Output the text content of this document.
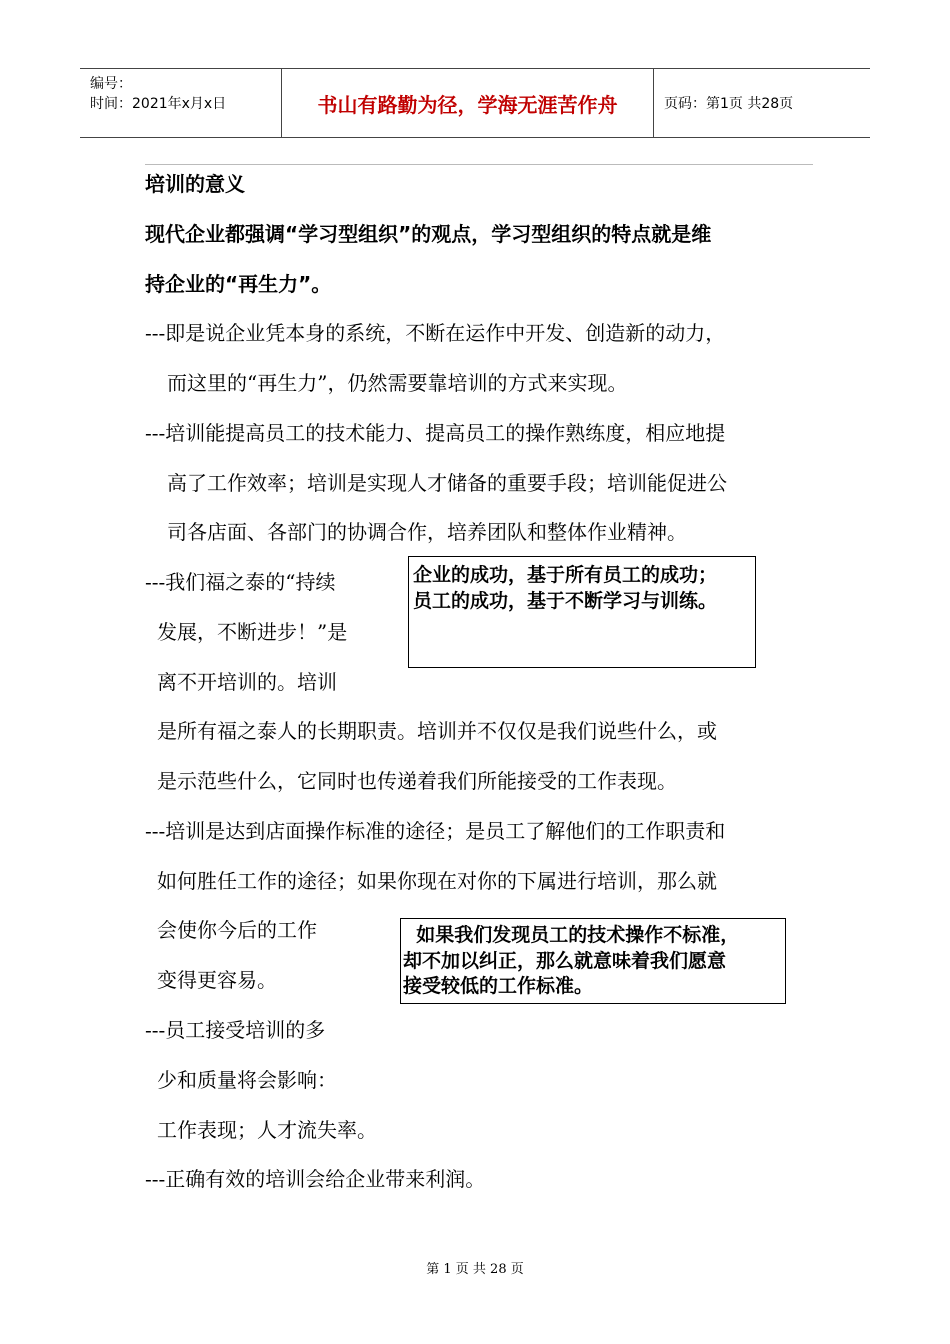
编号：
时间：2021年x月x日	书山有路勤为径，学海无涯苦作舟	页码：第1页 共28页
培训的意义
现代企业都强调“学习型组织”的观点，学习型组织的特点就是维
持企业的“再生力”。
---即是说企业凭本身的系统，不断在运作中开发、创造新的动力，
而这里的“再生力”，仍然需要靠培训的方式来实现。
---培训能提高员工的技术能力、提高员工的操作熟练度，相应地提
高了工作效率；培训是实现人才储备的重要手段；培训能促进公
司各店面、各部门的协调合作，培养团队和整体作业精神。
---我们福之泰的“持续
发展，不断进步！”是
离不开培训的。培训
是所有福之泰人的长期职责。培训并不仅仅是我们说些什么，或
是示范些什么，它同时也传递着我们所能接受的工作表现。
---培训是达到店面操作标准的途径；是员工了解他们的工作职责和
如何胜任工作的途径；如果你现在对你的下属进行培训，那么就
会使你今后的工作
变得更容易。
---员工接受培训的多
少和质量将会影响：
工作表现；人才流失率。
---正确有效的培训会给企业带来利润。
企业的成功，基于所有员工的成功；
员工的成功，基于不断学习与训练。
如果我们发现员工的技术操作不标准，
却不加以纠正，那么就意味着我们愿意
接受较低的工作标准。
第 1 页 共 28 页
